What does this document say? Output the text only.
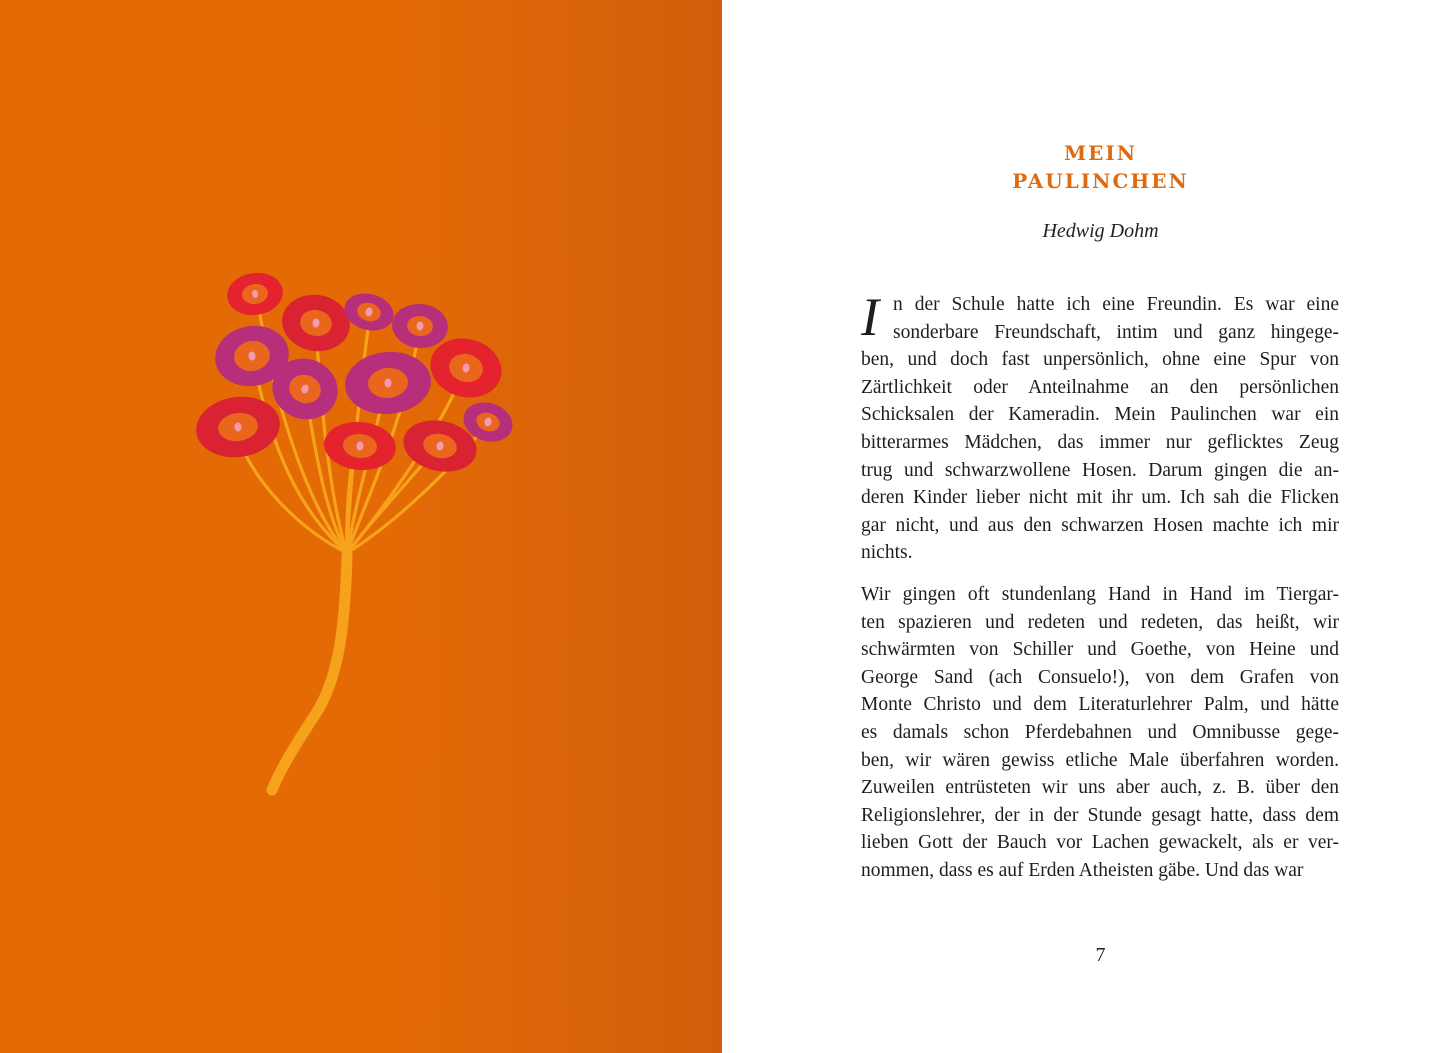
MEIN
PAULINCHEN
Hedwig Dohm
I n der Schule hatte ich eine Freundin. Es war eine
sonderbare Freundschaft, intim und ganz hingege-
ben, und doch fast unpersönlich, ohne eine Spur von
Zärtlichkeit oder Anteilnahme an den persönlichen
Schicksalen der Kameradin. Mein Paulinchen war ein
bitterarmes Mädchen, das immer nur geflicktes Zeug
trug und schwarzwollene Hosen. Darum gingen die an-
deren Kinder lieber nicht mit ihr um. Ich sah die Flicken
gar nicht, und aus den schwarzen Hosen machte ich mir
nichts.
Wir gingen oft stundenlang Hand in Hand im Tiergar-
ten spazieren und redeten und redeten, das heißt, wir
schwärmten von Schiller und Goethe, von Heine und
George Sand (ach Consuelo!), von dem Grafen von
Monte Christo und dem Literaturlehrer Palm, und hätte
es damals schon Pferdebahnen und Omnibusse gege-
ben, wir wären gewiss etliche Male überfahren worden.
Zuweilen entrüsteten wir uns aber auch, z. B. über den
Religionslehrer, der in der Stunde gesagt hatte, dass dem
lieben Gott der Bauch vor Lachen gewackelt, als er ver-
nommen, dass es auf Erden Atheisten gäbe. Und das war
7
